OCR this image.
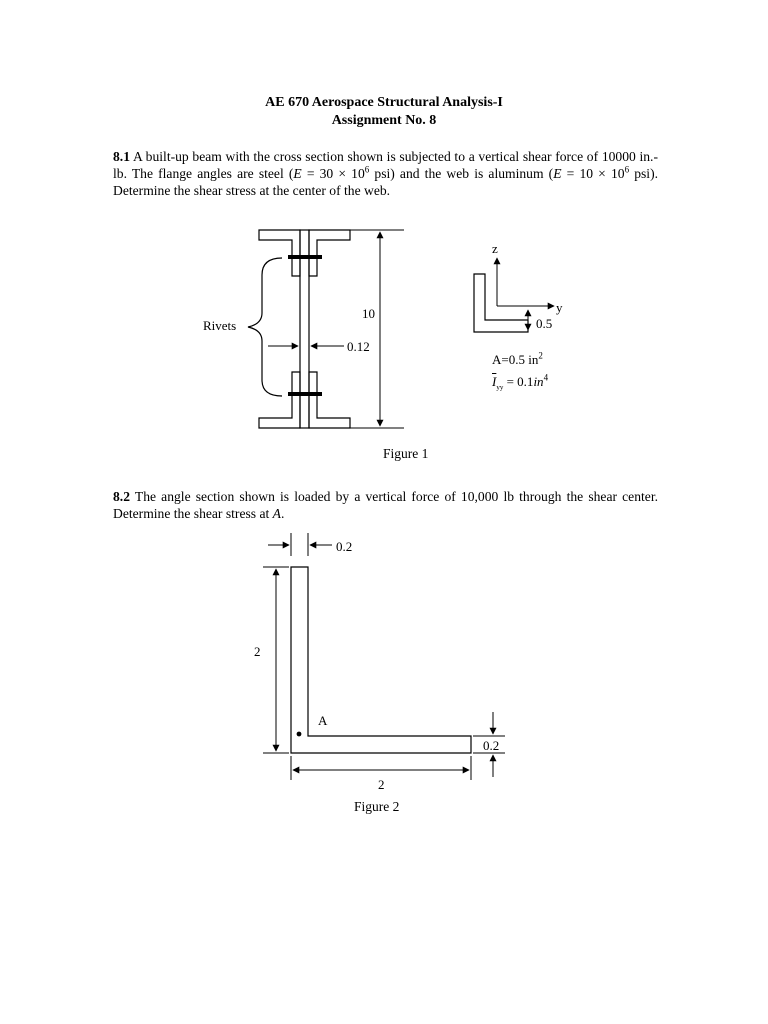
AE 670 Aerospace Structural Analysis-I
Assignment No. 8
8.1 A built-up beam with the cross section shown is subjected to a vertical shear force of 10000 in.-lb. The flange angles are steel ($E = 30 \times 10^6$ psi) and the web is aluminum ($E = 10 \times 10^6$ psi). Determine the shear stress at the center of the web.
Rivets
10
0.12
z
y
0.5
A=0.5 $in^2$
$\overline{I}_{yy} = 0.1in^4$
Figure 1
8.2 The angle section shown is loaded by a vertical force of 10,000 lb through the shear center. Determine the shear stress at A.
0.2
2
A
0.2
2
Figure 2
